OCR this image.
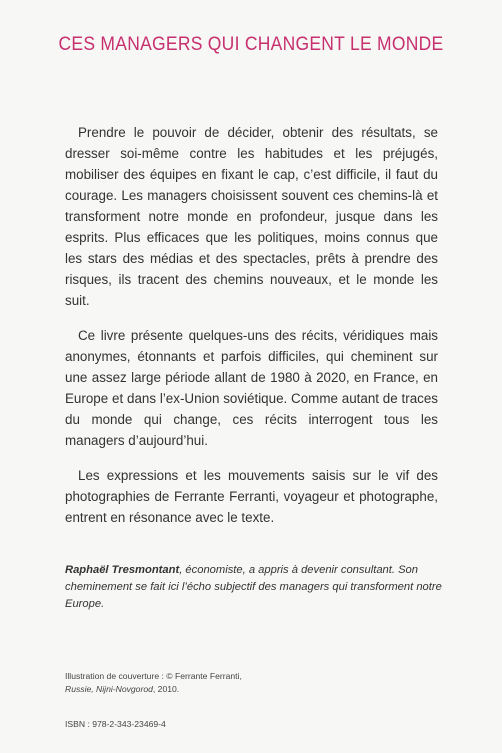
CES MANAGERS QUI CHANGENT LE MONDE

Prendre le pouvoir de décider, obtenir des résultats, se dresser soi-même contre les habitudes et les préjugés, mobiliser des équipes en fixant le cap, c’est difficile, il faut du courage. Les managers choisissent souvent ces chemins-là et transforment notre monde en profondeur, jusque dans les esprits. Plus efficaces que les politiques, moins connus que les stars des médias et des spectacles, prêts à prendre des risques, ils tracent des chemins nouveaux, et le monde les suit.

Ce livre présente quelques-uns des récits, véridiques mais anonymes, étonnants et parfois difficiles, qui cheminent sur une assez large période allant de 1980 à 2020, en France, en Europe et dans l’ex-Union soviétique. Comme autant de traces du monde qui change, ces récits interrogent tous les managers d’aujourd’hui.

Les expressions et les mouvements saisis sur le vif des photographies de Ferrante Ferranti, voyageur et photographe, entrent en résonance avec le texte.

Raphaël Tresmontant, économiste, a appris à devenir consultant. Son cheminement se fait ici l’écho subjectif des managers qui transforment notre Europe.
Illustration de couverture : © Ferrante Ferranti,
Russie, Nijni-Novgorod, 2010.
ISBN : 978-2-343-23469-4
